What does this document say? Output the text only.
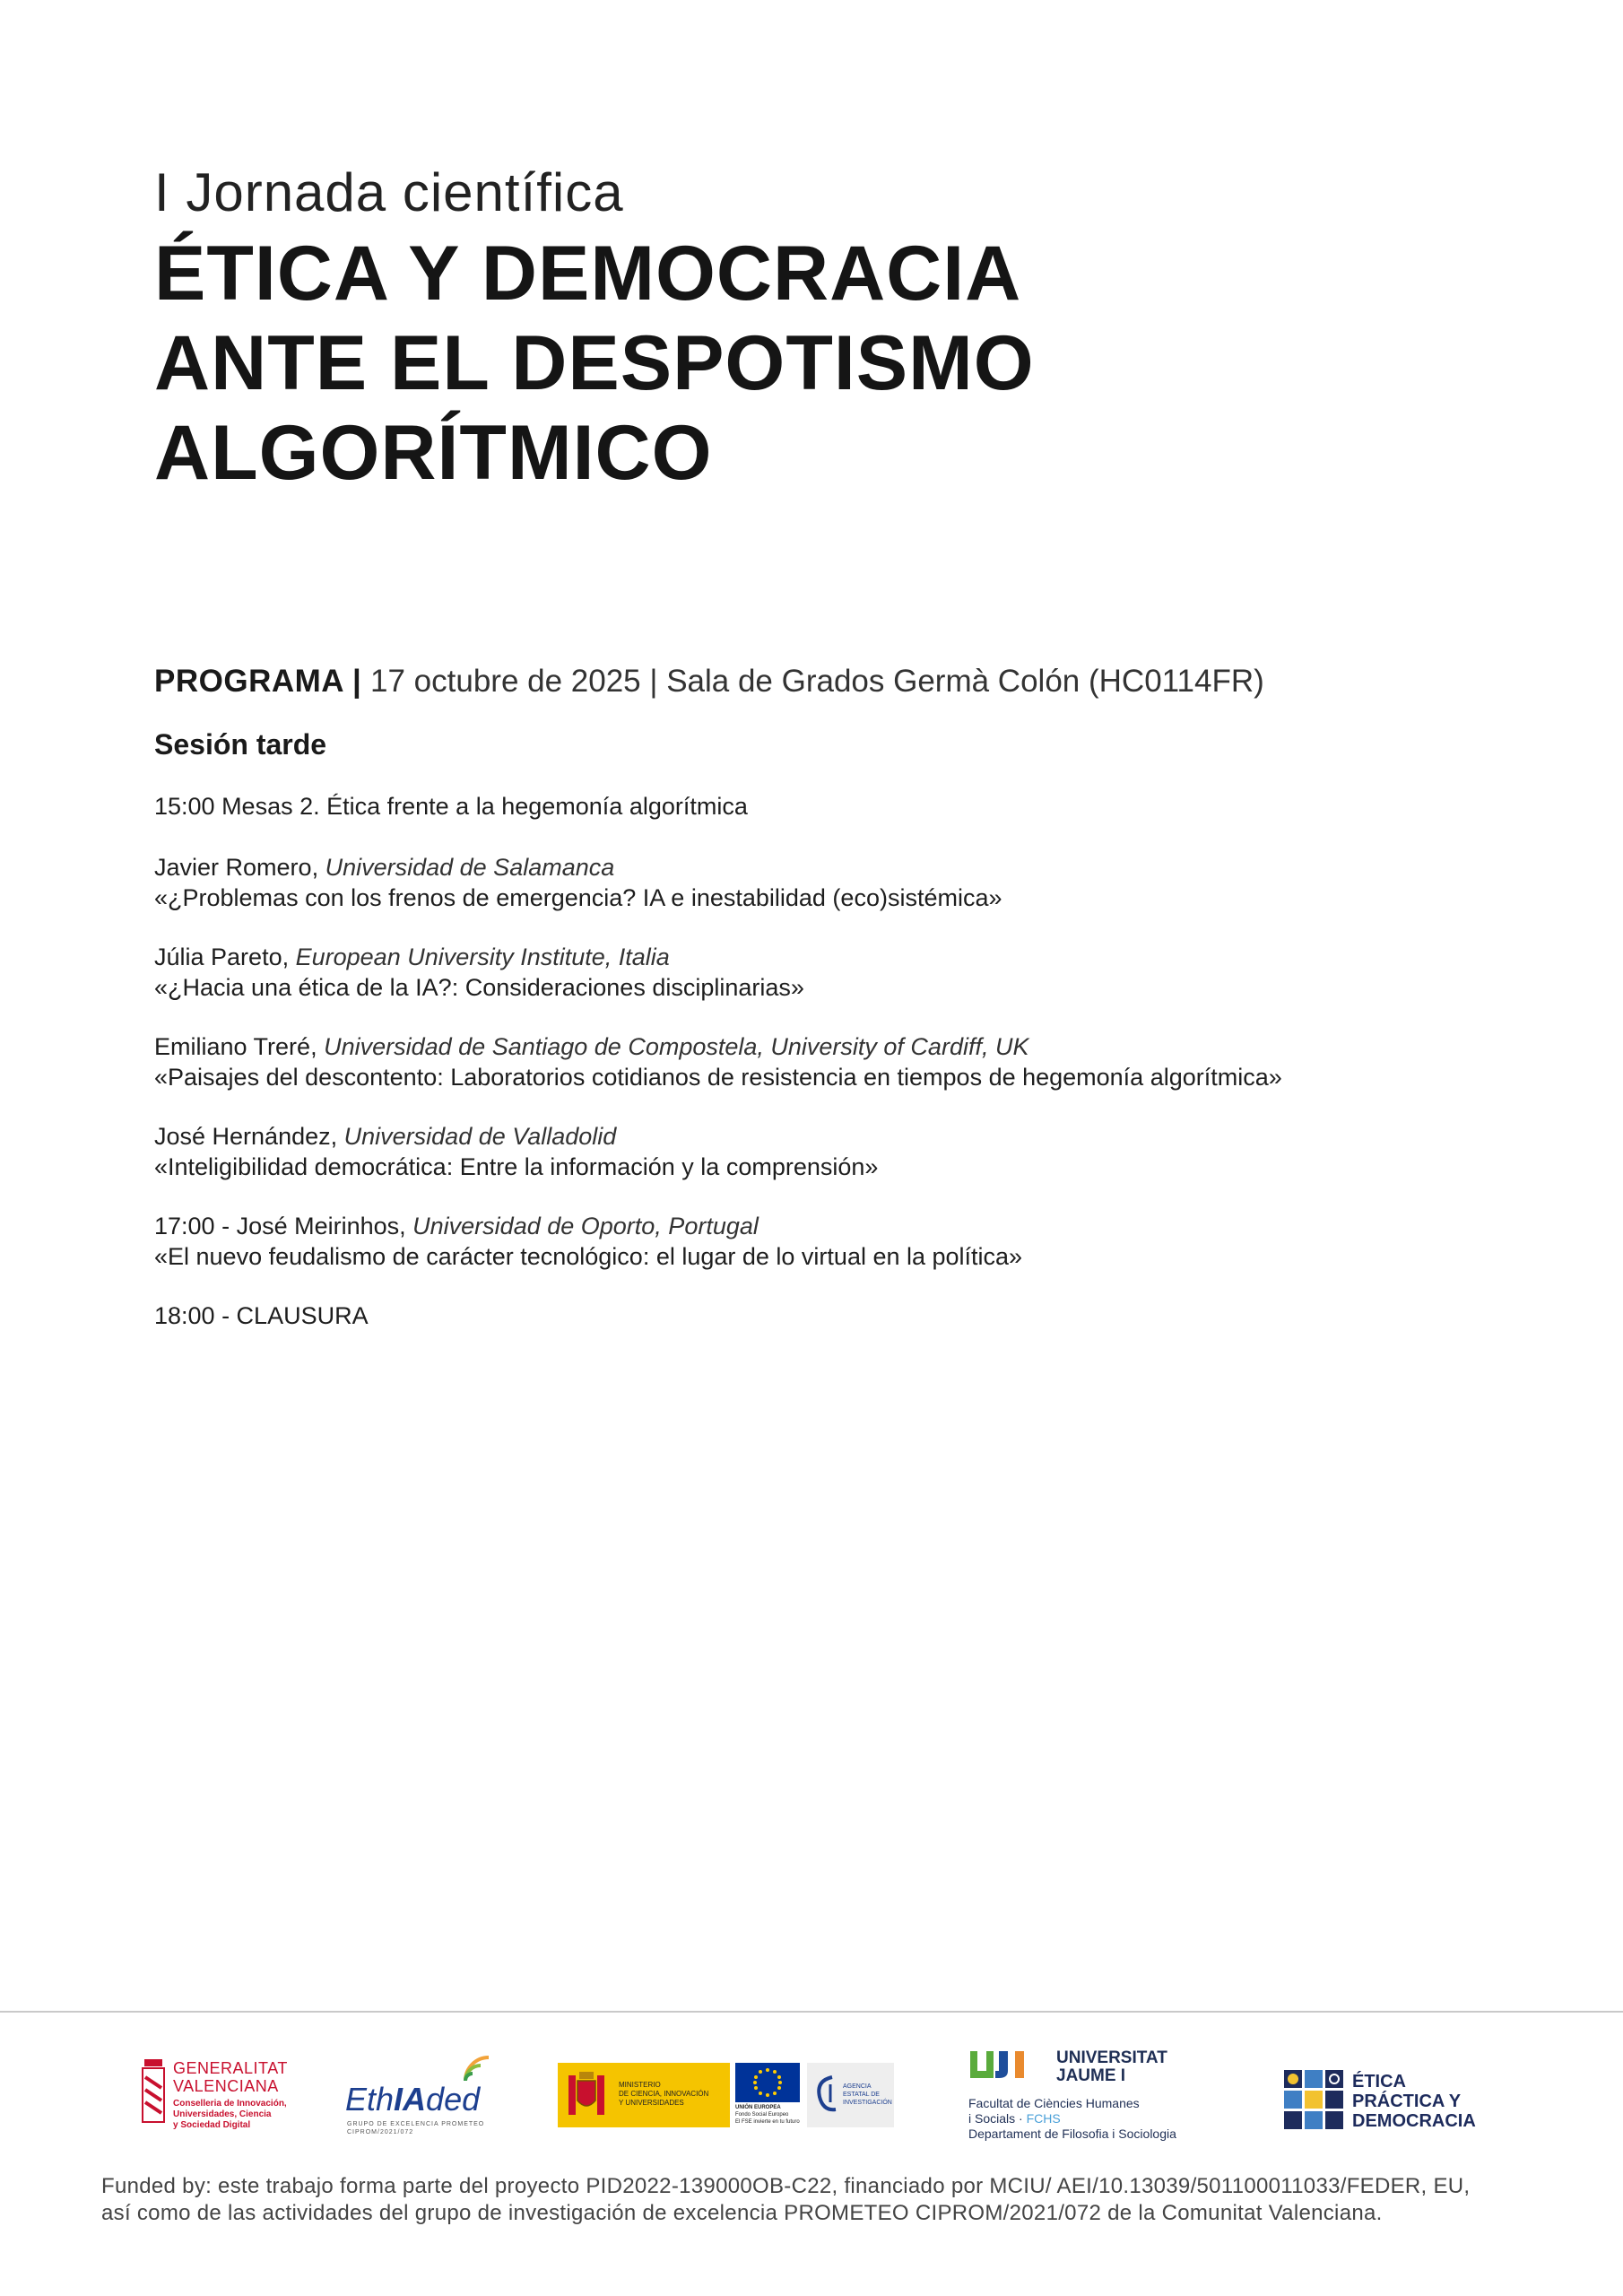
I Jornada científica
ÉTICA Y DEMOCRACIA
ANTE EL DESPOTISMO
ALGORÍTMICO
PROGRAMA | 17 octubre de 2025 | Sala de Grados Germà Colón (HC0114FR)
Sesión tarde
15:00 Mesas 2. Ética frente a la hegemonía algorítmica
Javier Romero, Universidad de Salamanca
«¿Problemas con los frenos de emergencia? IA e inestabilidad (eco)sistémica»
Júlia Pareto, European University Institute, Italia
«¿Hacia una ética de la IA?: Consideraciones disciplinarias»
Emiliano Treré, Universidad de Santiago de Compostela, University of Cardiff, UK
«Paisajes del descontento: Laboratorios cotidianos de resistencia en tiempos de hegemonía algorítmica»
José Hernández, Universidad de Valladolid
«Inteligibilidad democrática: Entre la información y la comprensión»
17:00 - José Meirinhos, Universidad de Oporto, Portugal
«El nuevo feudalismo de carácter tecnológico: el lugar de lo virtual en la política»
18:00 - CLAUSURA
GENERALITAT
VALENCIANA
Conselleria de Innovación,
Universidades, Ciencia
y Sociedad Digital
EthIAded
GRUPO DE EXCELENCIA PROMETEO
CIPROM/2021/072
MINISTERIO
DE CIENCIA, INNOVACIÓN
Y UNIVERSIDADES
UNIÓN EUROPEA
Fondo Social Europeo
El FSE invierte en tu futuro
AGENCIA
ESTATAL DE
INVESTIGACIÓN
UNIVERSITAT
JAUME I
Facultat de Ciències Humanes
i Socials · FCHS
Departament de Filosofia i Sociologia
ÉTICA
PRÁCTICA Y
DEMOCRACIA
Funded by: este trabajo forma parte del proyecto PID2022-139000OB-C22, financiado por MCIU/ AEI/10.13039/501100011033/FEDER, EU,
así como de las actividades del grupo de investigación de excelencia PROMETEO CIPROM/2021/072 de la Comunitat Valenciana.
